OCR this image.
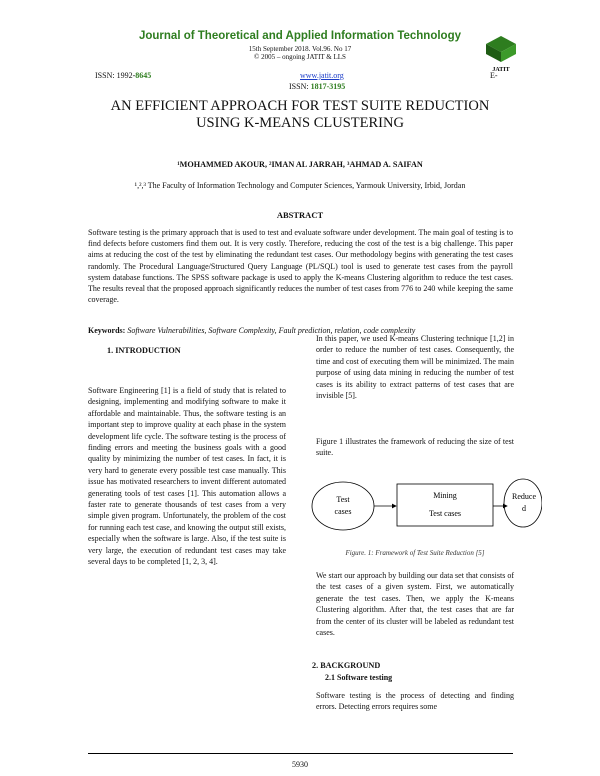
Journal of Theoretical and Applied Information Technology
15th September 2018. Vol.96. No 17
© 2005 – ongoing JATIT & LLS
JATIT
ISSN: 1992-8645	www.jatit.org	E-
ISSN: 1817-3195
AN EFFICIENT APPROACH FOR TEST SUITE REDUCTION
USING K-MEANS CLUSTERING
¹MOHAMMED AKOUR, ²IMAN AL JARRAH, ³AHMAD A. SAIFAN
¹,²,³ The Faculty of Information Technology and Computer Sciences, Yarmouk University, Irbid, Jordan
ABSTRACT
Software testing is the primary approach that is used to test and evaluate software under development. The main goal of testing is to find defects before customers find them out. It is very costly. Therefore, reducing the cost of the test is a big challenge. This paper aims at reducing the cost of the test by eliminating the redundant test cases. Our methodology begins with generating the test cases randomly. The Procedural Language/Structured Query Language (PL/SQL) tool is used to generate test cases from the payroll system database functions. The SPSS software package is used to apply the K-means Clustering algorithm to reduce the test cases. The results reveal that the proposed approach significantly reduces the number of test cases from 776 to 240 while keeping the same coverage.
Keywords: Software Vulnerabilities, Software Complexity, Fault prediction, relation, code complexity
1. INTRODUCTION
Software Engineering [1] is a field of study that is related to designing, implementing and modifying software to make it affordable and maintainable. Thus, the software testing is an important step to improve quality at each phase in the system development life cycle. The software testing is the process of finding errors and meeting the business goals with a good quality by minimizing the number of test cases. In fact, it is very hard to generate every possible test case manually. This issue has motivated researchers to invent different automated generating tools of test cases [1]. This automation allows a faster rate to generate thousands of test cases from a very simple given program. Unfortunately, the problem of the cost for running each test case, and knowing the output still exists, especially when the software is large. Also, if the test suite is very large, the execution of redundant test cases may take several days to be completed [1, 2, 3, 4].
In this paper, we used K-means Clustering technique [1,2] in order to reduce the number of test cases. Consequently, the time and cost of executing them will be minimized. The main purpose of using data mining in reducing the number of test cases is its ability to extract patterns of test cases that are invisible [5].
Figure 1 illustrates the framework of reducing the size of test suite.
Test
cases
Mining
Test cases
Reduce
d
Figure. 1: Framework of Test Suite Reduction [5]
We start our approach by building our data set that consists of the test cases of a given system. First, we automatically generate the test cases. Then, we apply the K-means Clustering algorithm. After that, the test cases that are far from the center of its cluster will be labeled as redundant test cases.
2. BACKGROUND
2.1 Software testing
Software testing is the process of detecting and finding errors. Detecting errors requires some
5930
